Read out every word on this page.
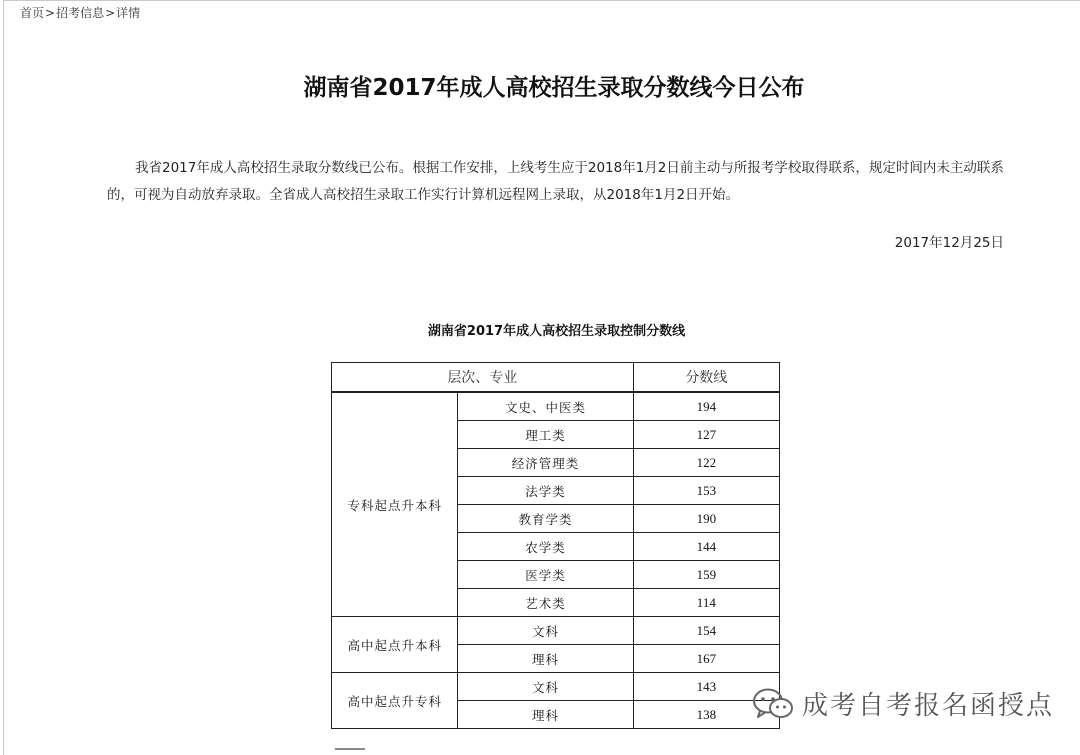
首页 > 招考信息 > 详情
湖南省2017年成人高校招生录取分数线今日公布

我省2017年成人高校招生录取分数线已公布。根据工作安排，上线考生应于2018年1月2日前主动与所报考学校取得联系，规定时间内未主动联系的，可视为自动放弃录取。全省成人高校招生录取工作实行计算机远程网上录取，从2018年1月2日开始。

2017年12月25日
湖南省2017年成人高校招生录取控制分数线
层次、专业		分数线
专科起点升本科	文史、中医类	194
	理工类	127
	经济管理类	122
	法学类	153
	教育学类	190
	农学类	144
	医学类	159
	艺术类	114
高中起点升本科	文科	154
	理科	167
高中起点升专科	文科	143
	理科	138	成考自考报名函授点
